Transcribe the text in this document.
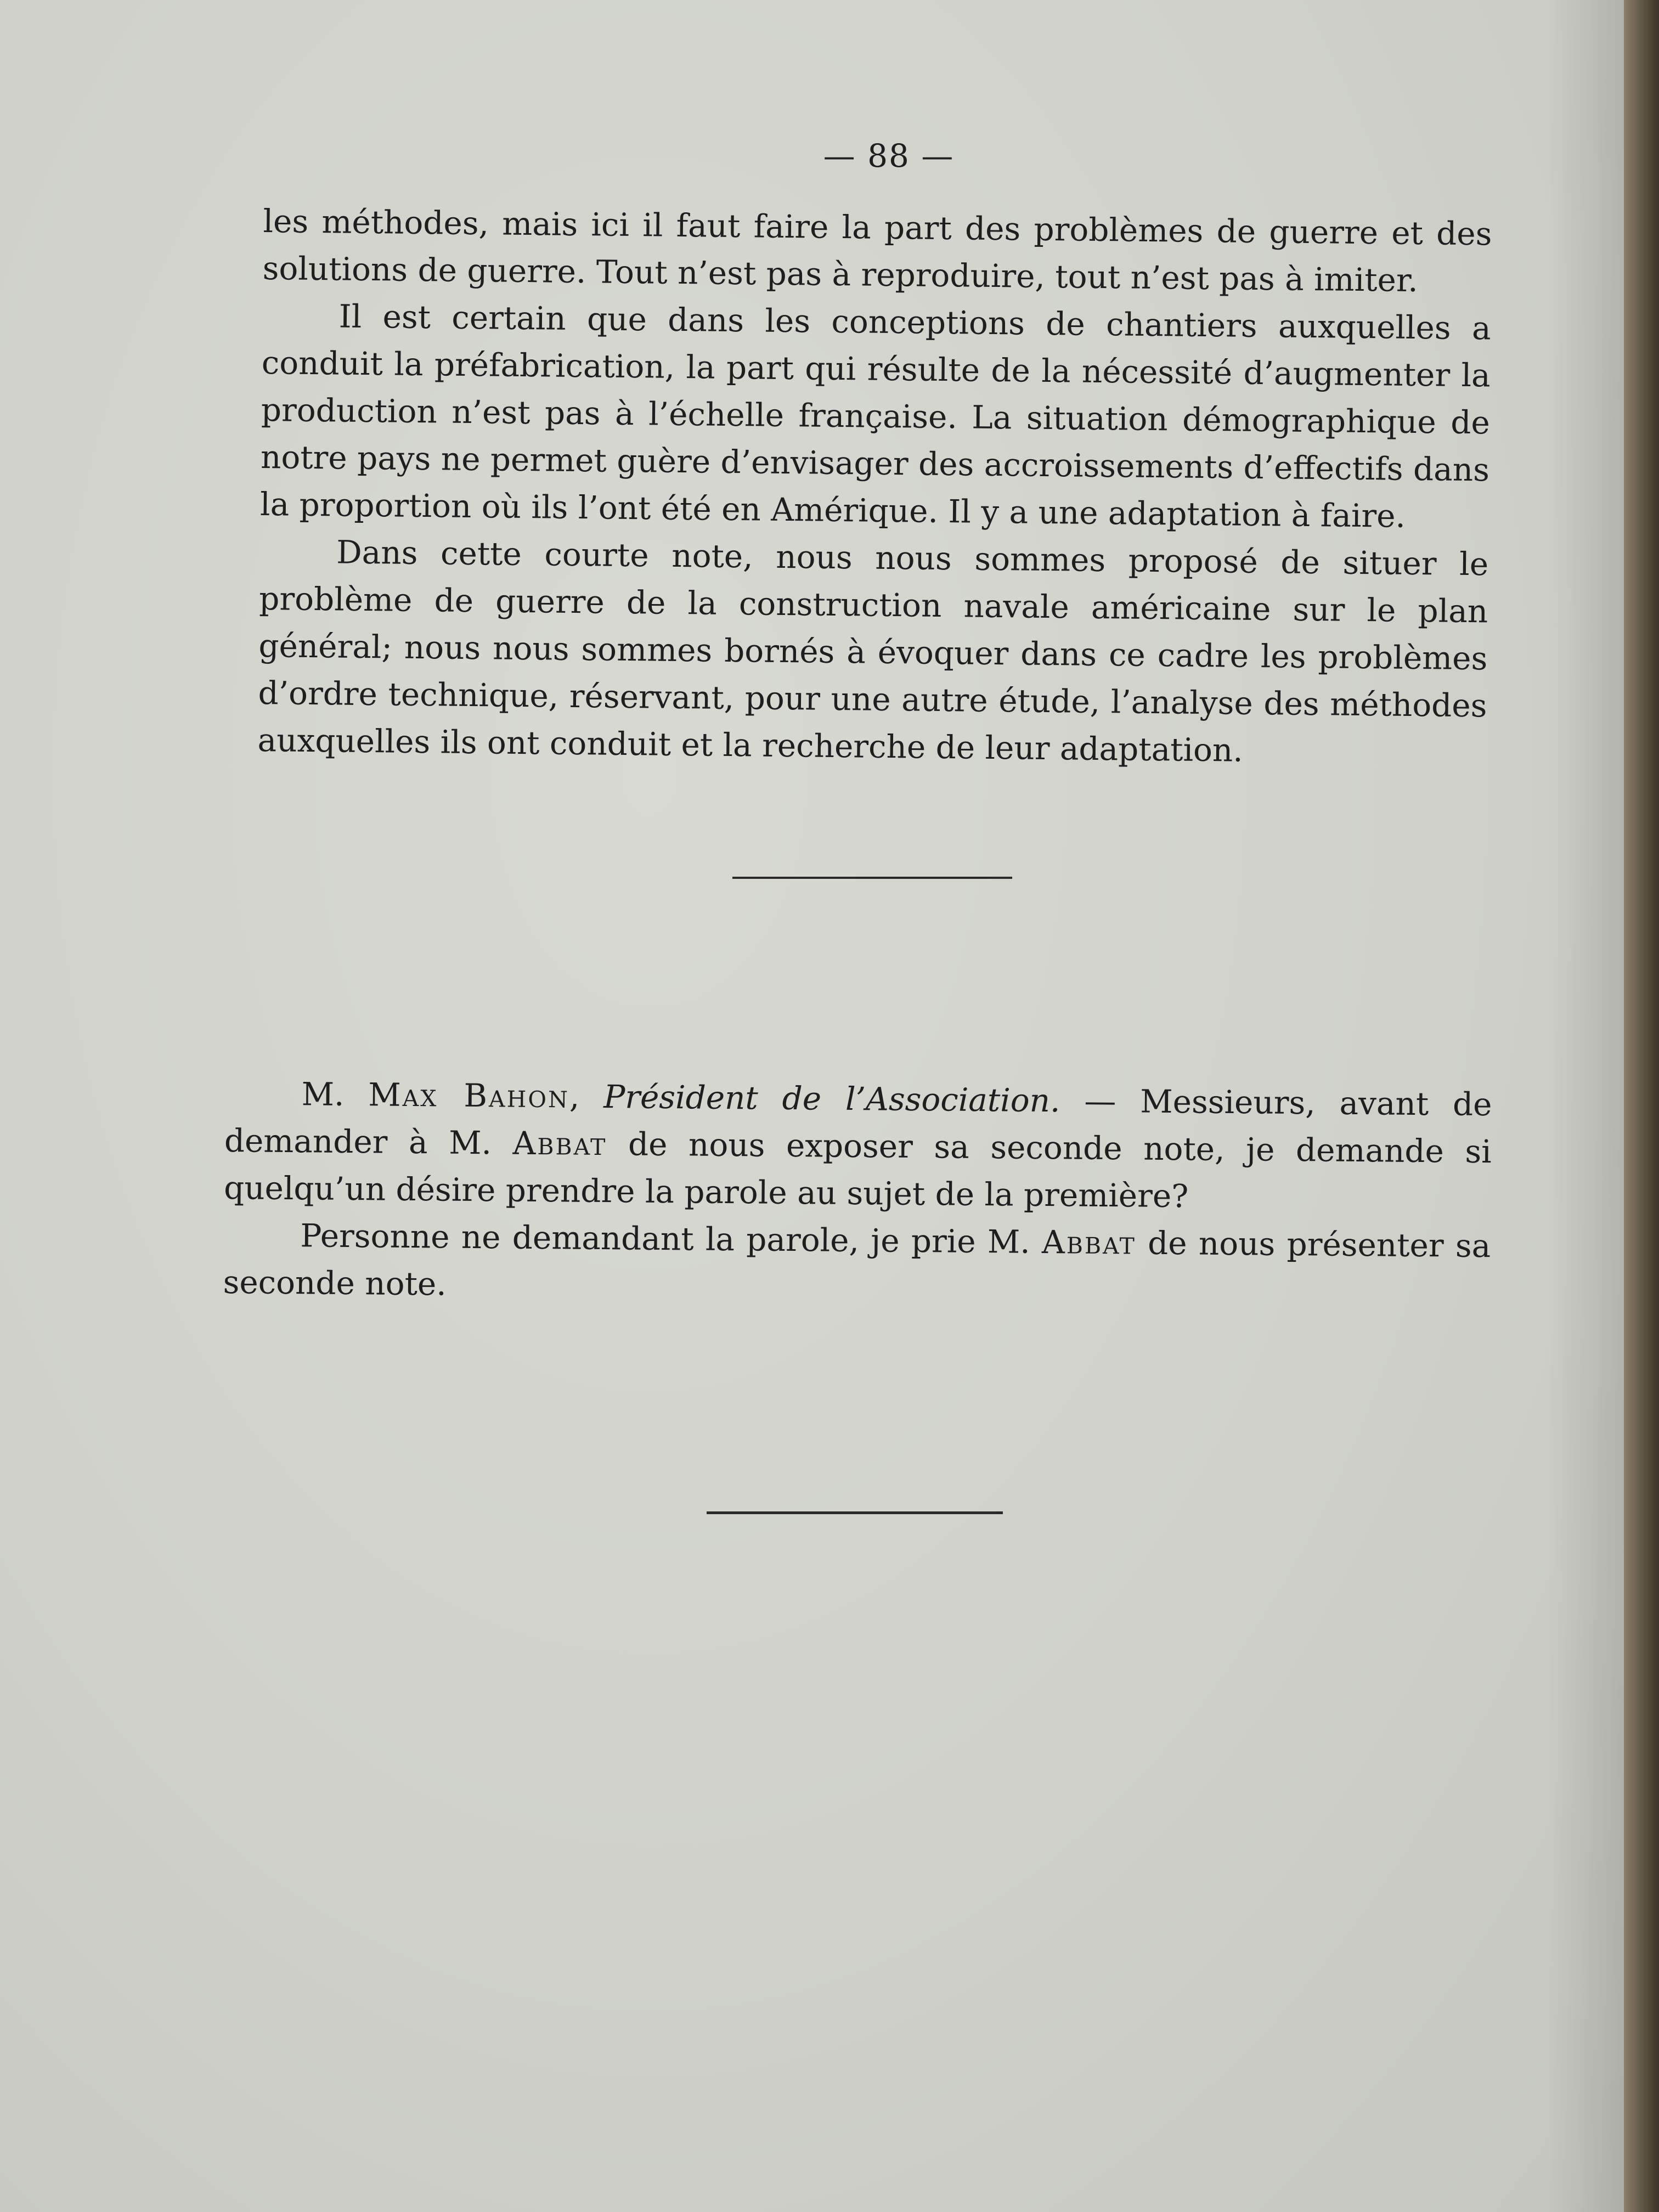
— 88 —

les méthodes, mais ici il faut faire la part des problèmes de guerre et des solutions de guerre. Tout n’est pas à reproduire, tout n’est pas à imiter.

Il est certain que dans les conceptions de chantiers auxquelles a conduit la préfabrication, la part qui résulte de la nécessité d’augmenter la production n’est pas à l’échelle française. La situation démographique de notre pays ne permet guère d’envisager des accroissements d’effectifs dans la proportion où ils l’ont été en Amérique. Il y a une adaptation à faire.

Dans cette courte note, nous nous sommes proposé de situer le problème de guerre de la construction navale américaine sur le plan général; nous nous sommes bornés à évoquer dans ce cadre les problèmes d’ordre technique, réservant, pour une autre étude, l’analyse des méthodes auxquelles ils ont conduit et la recherche de leur adaptation.

M. Max Bahon, Président de l’Association. — Messieurs, avant de demander à M. Abbat de nous exposer sa seconde note, je demande si quelqu’un désire prendre la parole au sujet de la première?

Personne ne demandant la parole, je prie M. Abbat de nous présenter sa seconde note.
